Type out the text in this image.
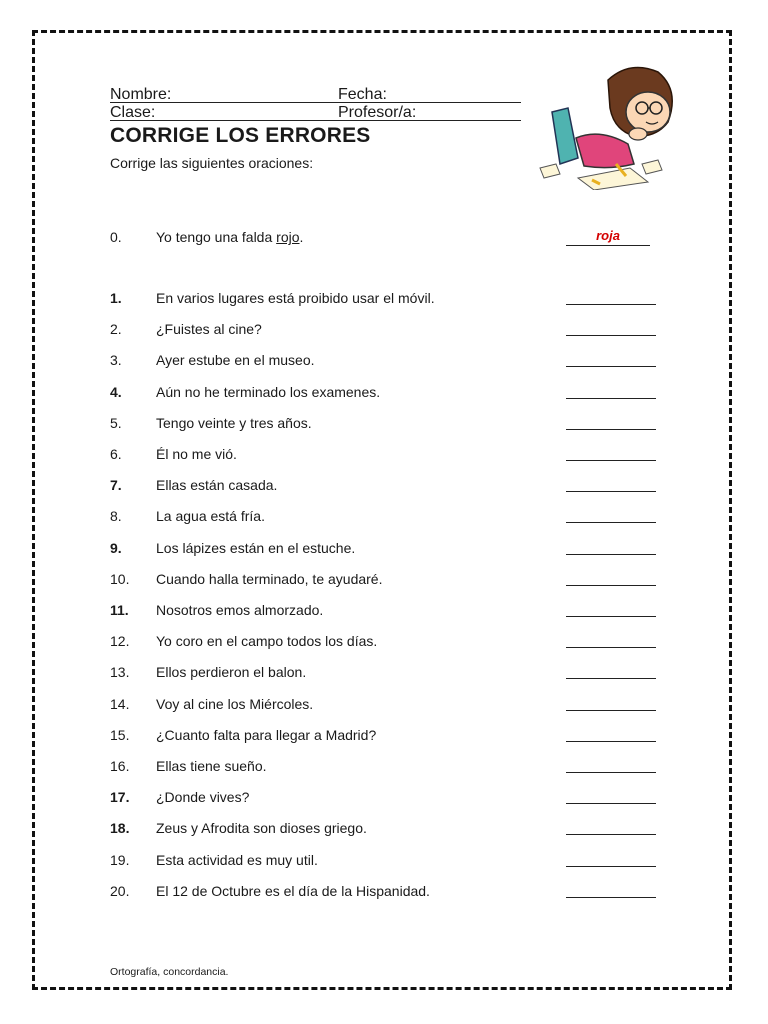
Nombre:	Fecha:
Clase:	Profesor/a:
CORRIGE LOS ERRORES
Corrige las siguientes oraciones:
0.	Yo tengo una falda rojo.	roja
1.	En varios lugares está proibido usar el móvil.
2.	¿Fuistes al cine?
3.	Ayer estube en el museo.
4.	Aún no he terminado los examenes.
5.	Tengo veinte y tres años.
6.	Él no me vió.
7.	Ellas están casada.
8.	La agua está fría.
9.	Los lápizes están en el estuche.
10.	Cuando halla terminado, te ayudaré.
11.	Nosotros emos almorzado.
12.	Yo coro en el campo todos los días.
13.	Ellos perdieron el balon.
14.	Voy al cine los Miércoles.
15.	¿Cuanto falta para llegar a Madrid?
16.	Ellas tiene sueño.
17.	¿Donde vives?
18.	Zeus y Afrodita son dioses griego.
19.	Esta actividad es muy util.
20.	El 12 de Octubre es el día de la Hispanidad.
Ortografía, concordancia.
